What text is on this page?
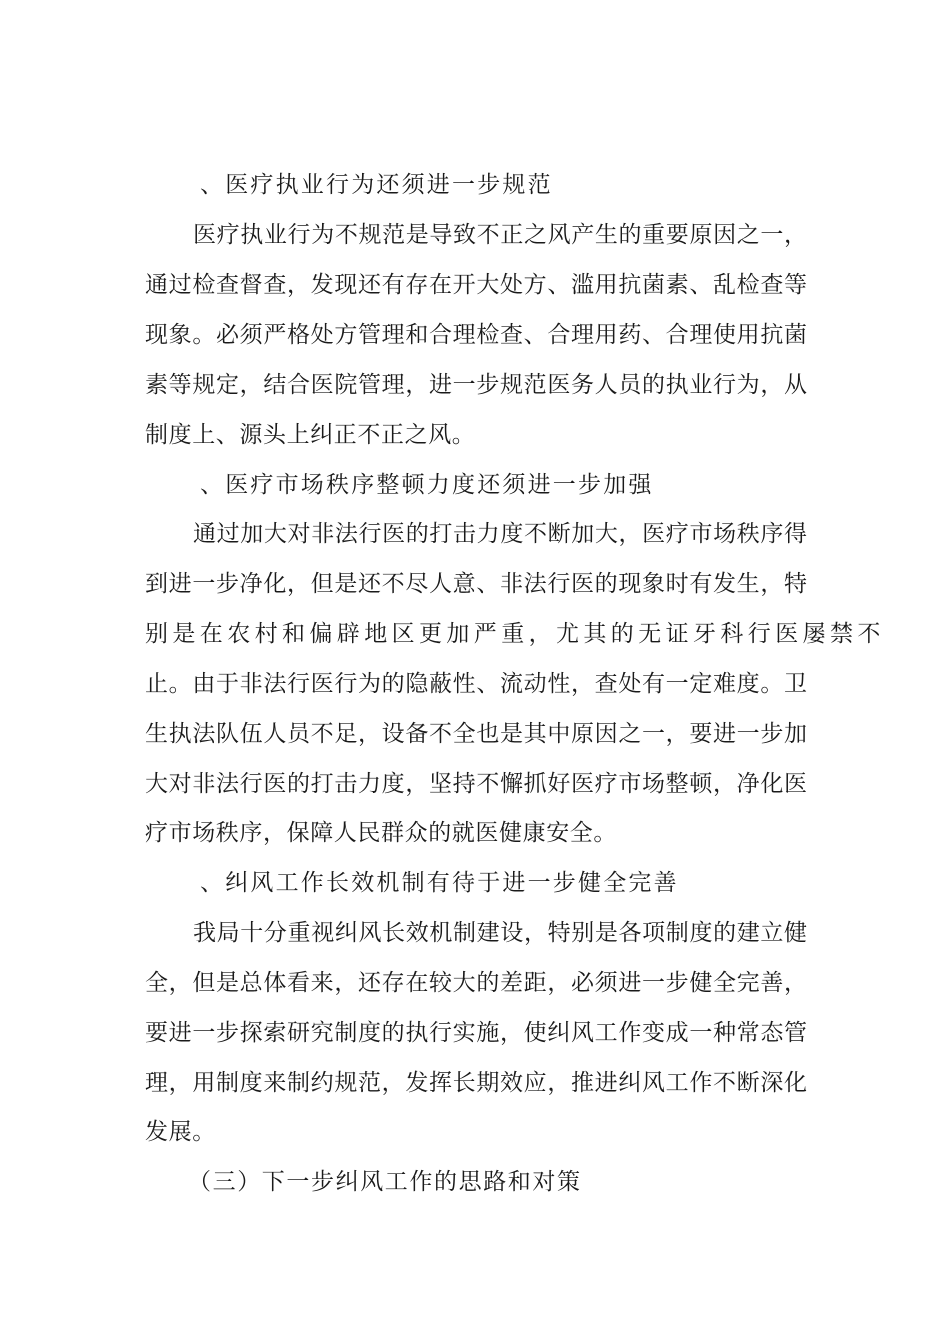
、医疗执业行为还须进一步规范
医疗执业行为不规范是导致不正之风产生的重要原因之一，
通过检查督查，发现还有存在开大处方、滥用抗菌素、乱检查等
现象。必须严格处方管理和合理检查、合理用药、合理使用抗菌
素等规定，结合医院管理，进一步规范医务人员的执业行为，从
制度上、源头上纠正不正之风。
、医疗市场秩序整顿力度还须进一步加强
通过加大对非法行医的打击力度不断加大，医疗市场秩序得
到进一步净化，但是还不尽人意、非法行医的现象时有发生，特
别是在农村和偏辟地区更加严重，尤其的无证牙科行医屡禁不
止。由于非法行医行为的隐蔽性、流动性，查处有一定难度。卫
生执法队伍人员不足，设备不全也是其中原因之一，要进一步加
大对非法行医的打击力度，坚持不懈抓好医疗市场整顿，净化医
疗市场秩序，保障人民群众的就医健康安全。
、纠风工作长效机制有待于进一步健全完善
我局十分重视纠风长效机制建设，特别是各项制度的建立健
全，但是总体看来，还存在较大的差距，必须进一步健全完善，
要进一步探索研究制度的执行实施，使纠风工作变成一种常态管
理，用制度来制约规范，发挥长期效应，推进纠风工作不断深化
发展。
（三）下一步纠风工作的思路和对策
